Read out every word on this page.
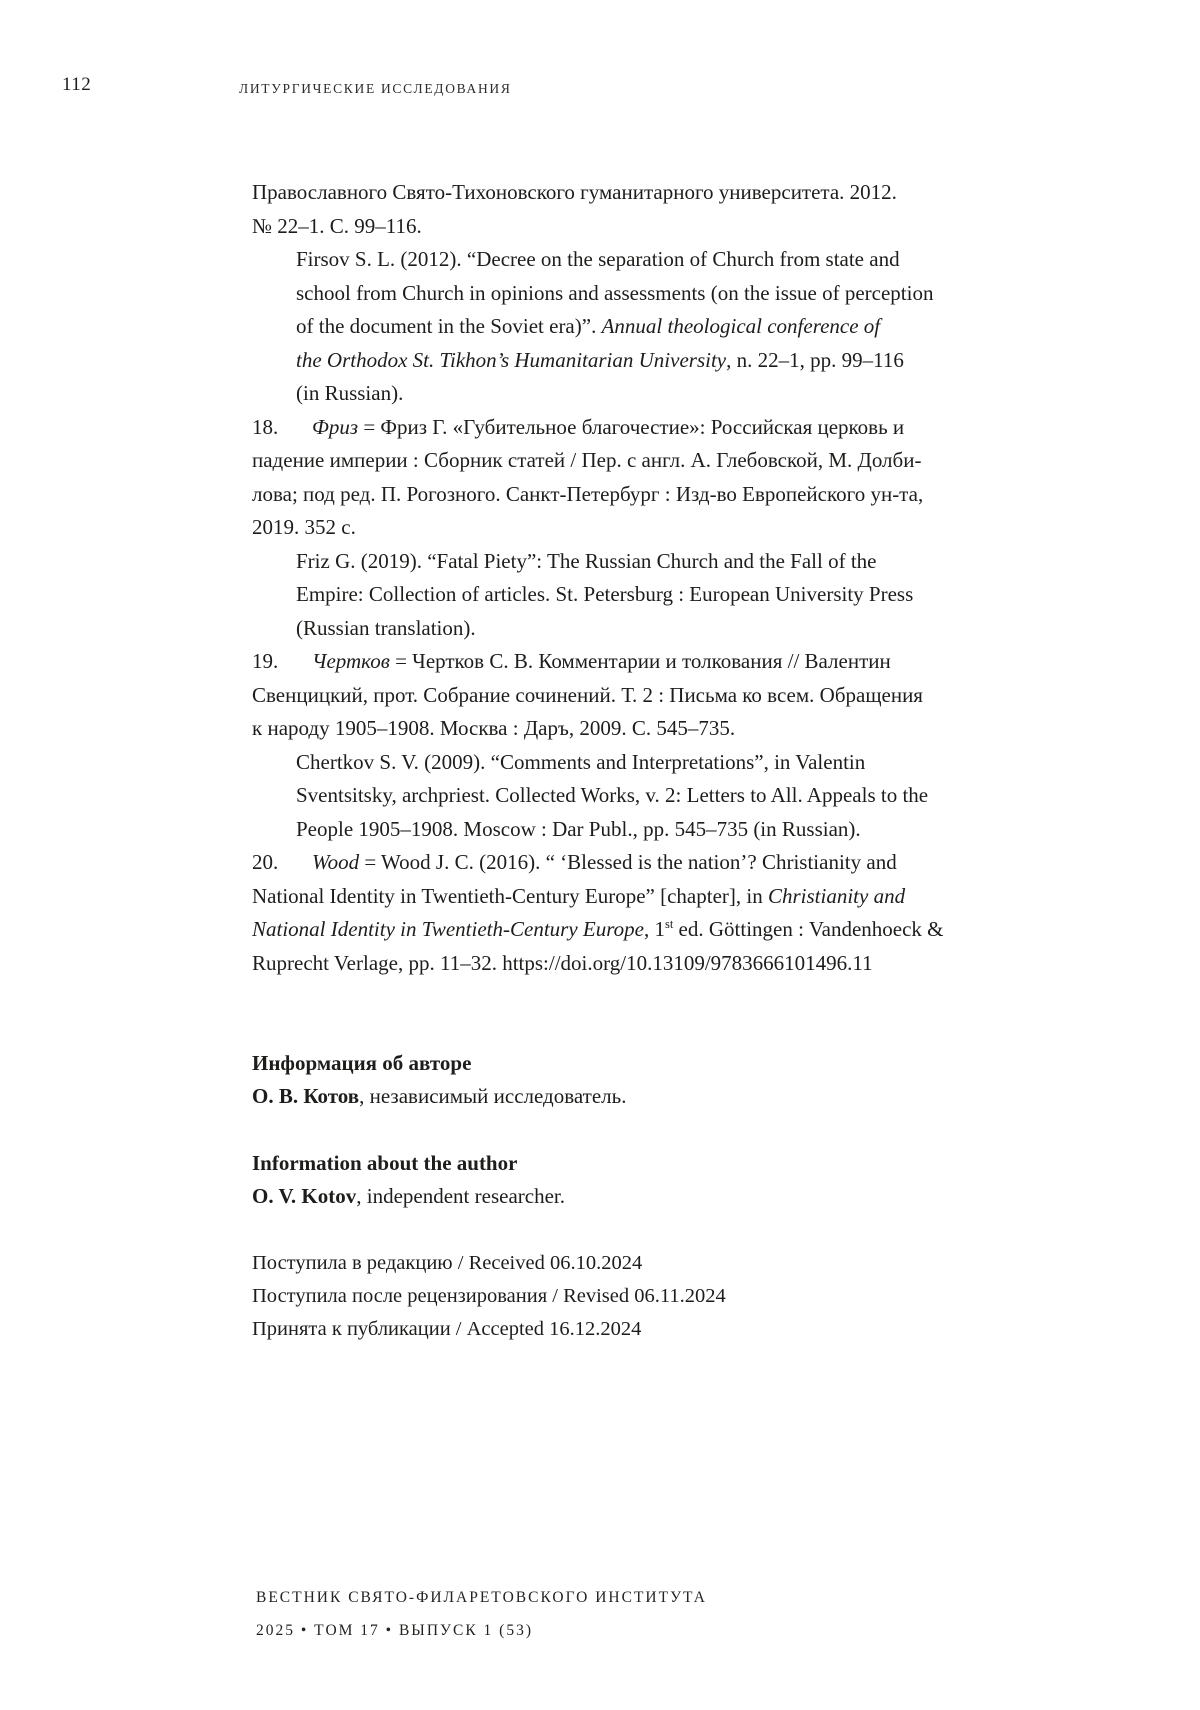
112	ЛИТУРГИЧЕСКИЕ ИССЛЕДОВАНИЯ
Православного Свято-Тихоновского гуманитарного университета. 2012.
№ 22–1. С. 99–116.
Firsov S. L. (2012). “Decree on the separation of Church from state and
school from Church in opinions and assessments (on the issue of perception
of the document in the Soviet era)”. Annual theological conference of
the Orthodox St. Tikhon’s Humanitarian University, n. 22–1, pp. 99–116
(in Russian).
18. Фриз = Фриз Г. «Губительное благочестие»: Российская церковь и
падение империи : Сборник статей / Пер. с англ. А. Глебовской, М. Долби-
лова; под ред. П. Рогозного. Санкт-Петербург : Изд-во Европейского ун-та,
2019. 352 с.
Friz G. (2019). “Fatal Piety”: The Russian Church and the Fall of the
Empire: Collection of articles. St. Petersburg : European University Press
(Russian translation).
19. Чертков = Чертков С. В. Комментарии и толкования // Валентин
Свенцицкий, прот. Собрание сочинений. Т. 2 : Письма ко всем. Обращения
к народу 1905–1908. Москва : Даръ, 2009. С. 545–735.
Chertkov S. V. (2009). “Comments and Interpretations”, in Valentin
Sventsitsky, archpriest. Collected Works, v. 2: Letters to All. Appeals to the
People 1905–1908. Moscow : Dar Publ., pp. 545–735 (in Russian).
20. Wood = Wood J. C. (2016). “ ‘Blessed is the nation’? Christianity and
National Identity in Twentieth-Century Europe” [chapter], in Christianity and
National Identity in Twentieth-Century Europe, 1st ed. Göttingen : Vandenhoeck &
Ruprecht Verlage, pp. 11–32. https://doi.org/10.13109/9783666101496.11
Информация об авторе
О. В. Котов, независимый исследователь.
Information about the author
O. V. Kotov, independent researcher.
Поступила в редакцию / Received 06.10.2024
Поступила после рецензирования / Revised 06.11.2024
Принята к публикации / Accepted 16.12.2024
ВЕСТНИК СВЯТО-ФИЛАРЕТОВСКОГО ИНСТИТУТА
2025 • ТОМ 17 • ВЫПУСК 1 (53)
